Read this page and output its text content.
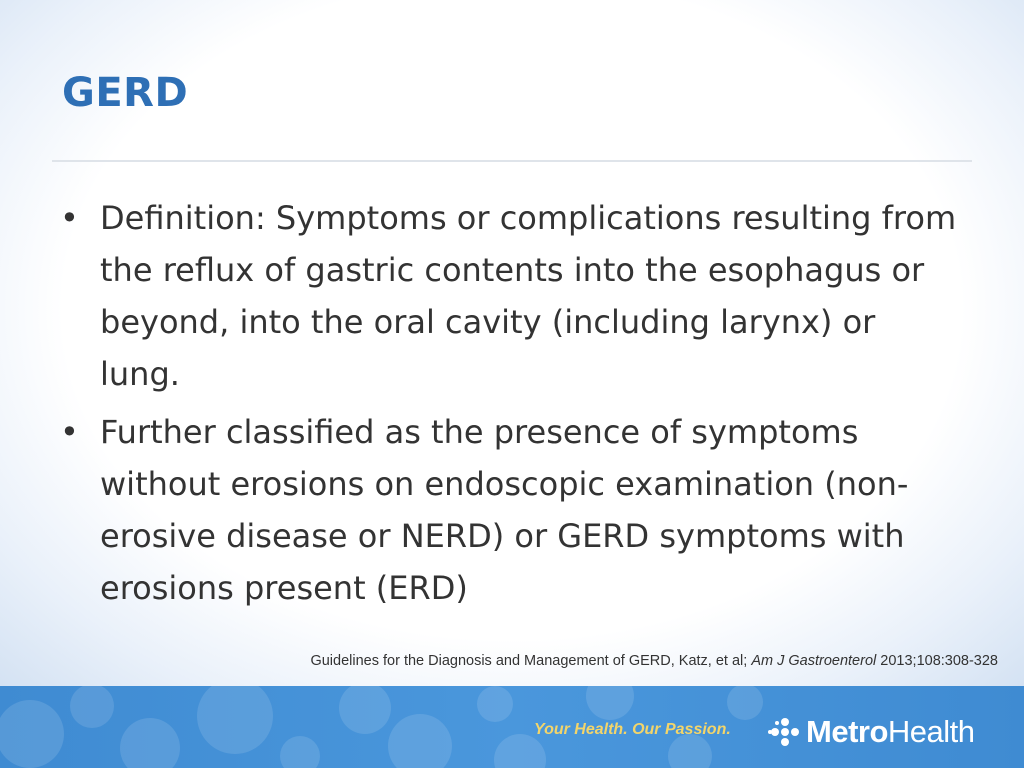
GERD
• Definition: Symptoms or complications resulting from the reflux of gastric contents into the esophagus or beyond, into the oral cavity (including larynx) or lung.
• Further classified as the presence of symptoms without erosions on endoscopic examination (non-erosive disease or NERD) or GERD symptoms with erosions present (ERD)
Guidelines for the Diagnosis and Management of GERD, Katz, et al; Am J Gastroenterol 2013;108:308-328
Your Health. Our Passion. Metro Health
